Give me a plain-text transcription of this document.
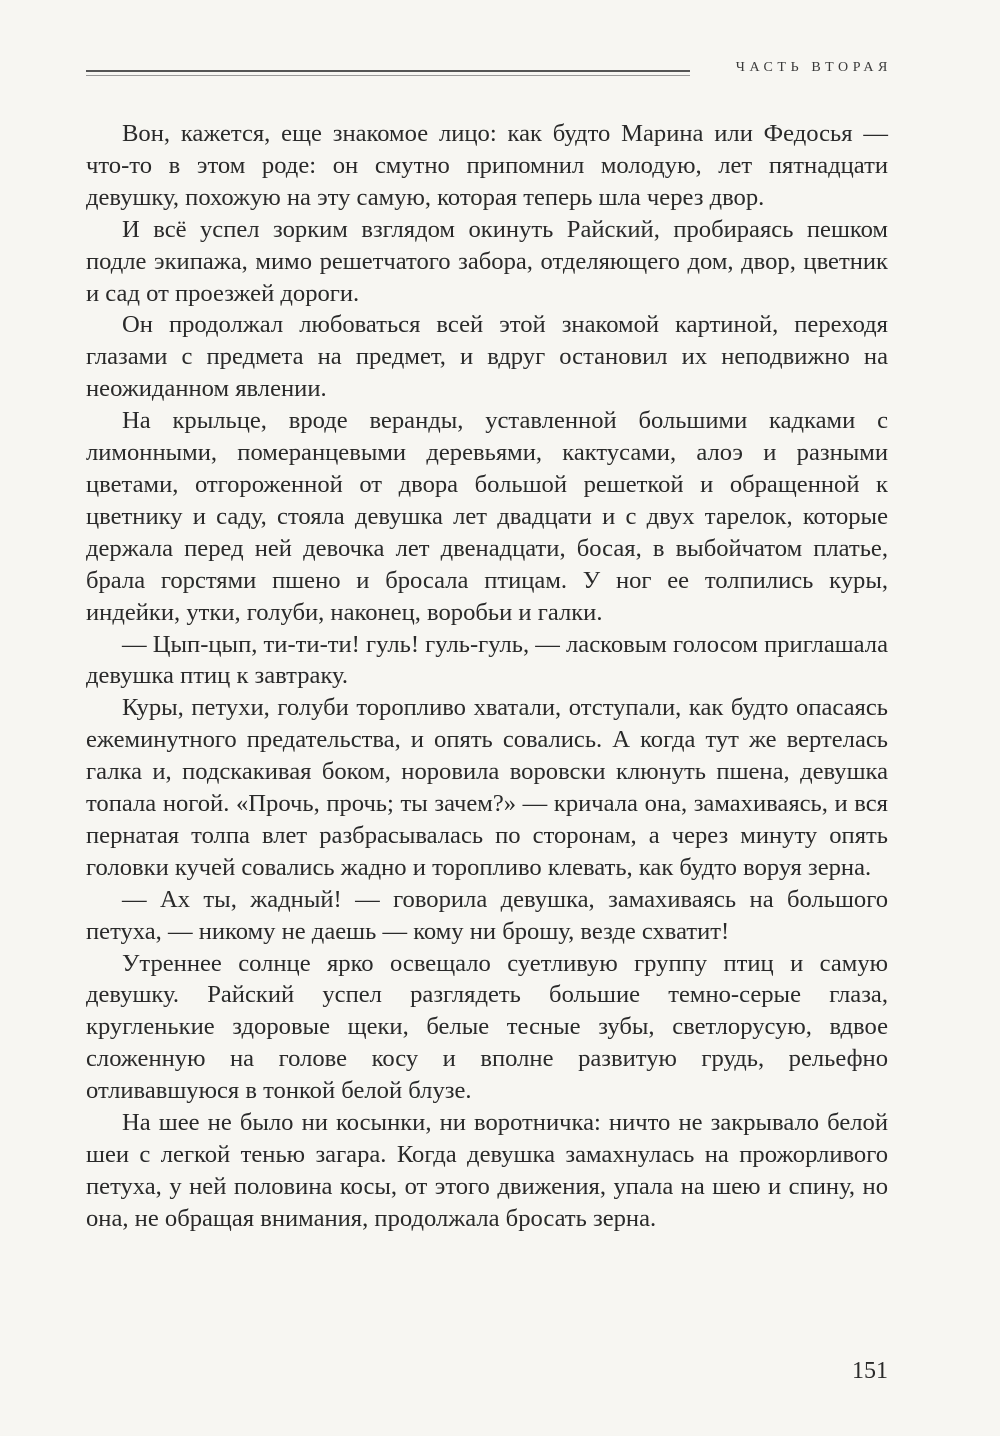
ЧАСТЬ ВТОРАЯ

Вон, кажется, еще знакомое лицо: как будто Марина или Федосья — что-то в этом роде: он смутно припомнил молодую, лет пятнадцати девушку, похожую на эту самую, которая теперь шла через двор.

И всё успел зорким взглядом окинуть Райский, пробираясь пешком подле экипажа, мимо решетчатого забора, отделяющего дом, двор, цветник и сад от проезжей дороги.

Он продолжал любоваться всей этой знакомой картиной, переходя глазами с предмета на предмет, и вдруг остановил их неподвижно на неожиданном явлении.

На крыльце, вроде веранды, уставленной большими кадками с лимонными, померанцевыми деревьями, кактусами, алоэ и разными цветами, отгороженной от двора большой решеткой и обращенной к цветнику и саду, стояла девушка лет двадцати и с двух тарелок, которые держала перед ней девочка лет двенадцати, босая, в выбойчатом платье, брала горстями пшено и бросала птицам. У ног ее толпились куры, индейки, утки, голуби, наконец, воробьи и галки.

— Цып-цып, ти-ти-ти! гуль! гуль-гуль, — ласковым голосом приглашала девушка птиц к завтраку.

Куры, петухи, голуби торопливо хватали, отступали, как будто опасаясь ежеминутного предательства, и опять совались. А когда тут же вертелась галка и, подскакивая боком, норовила воровски клюнуть пшена, девушка топала ногой. «Прочь, прочь; ты зачем?» — кричала она, замахиваясь, и вся пернатая толпа влет разбрасывалась по сторонам, а через минуту опять головки кучей совались жадно и торопливо клевать, как будто воруя зерна.

— Ах ты, жадный! — говорила девушка, замахиваясь на большого петуха, — никому не даешь — кому ни брошу, везде схватит!

Утреннее солнце ярко освещало суетливую группу птиц и самую девушку. Райский успел разглядеть большие темно-серые глаза, кругленькие здоровые щеки, белые тесные зубы, светлорусую, вдвое сложенную на голове косу и вполне развитую грудь, рельефно отливавшуюся в тонкой белой блузе.

На шее не было ни косынки, ни воротничка: ничто не закрывало белой шеи с легкой тенью загара. Когда девушка замахнулась на прожорливого петуха, у ней половина косы, от этого движения, упала на шею и спину, но она, не обращая внимания, продолжала бросать зерна.

151
